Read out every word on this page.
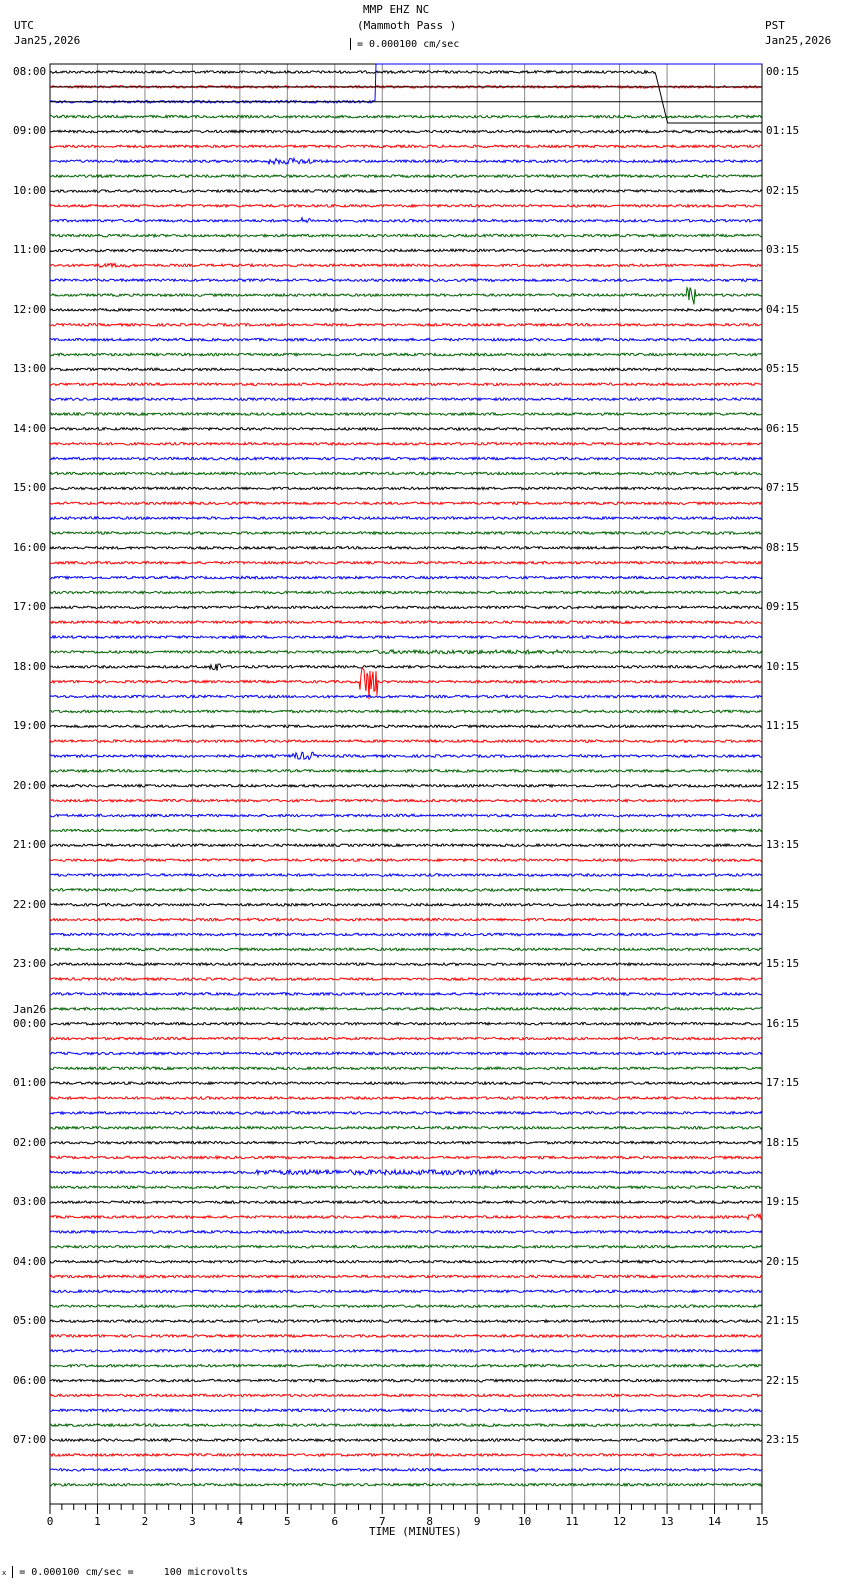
MMP EHZ NC
(Mammoth Pass )
UTC
Jan25,2026
PST
Jan25,2026
= 0.000100 cm/sec
0	1	2	3	4	5	6	7	8	9	10	11	12	13	14	15
08:00
09:00
10:00
11:00
12:00
13:00
14:00
15:00
16:00
17:00
18:00
19:00
20:00
21:00
22:00
23:00
00:00
01:00
02:00
03:00
04:00
05:00
06:00
07:00
00:15
01:15
02:15
03:15
04:15
05:15
06:15
07:15
08:15
09:15
10:15
11:15
12:15
13:15
14:15
15:15
16:15
17:15
18:15
19:15
20:15
21:15
22:15
23:15
Jan26
TIME (MINUTES)
x = 0.000100 cm/sec =     100 microvolts
